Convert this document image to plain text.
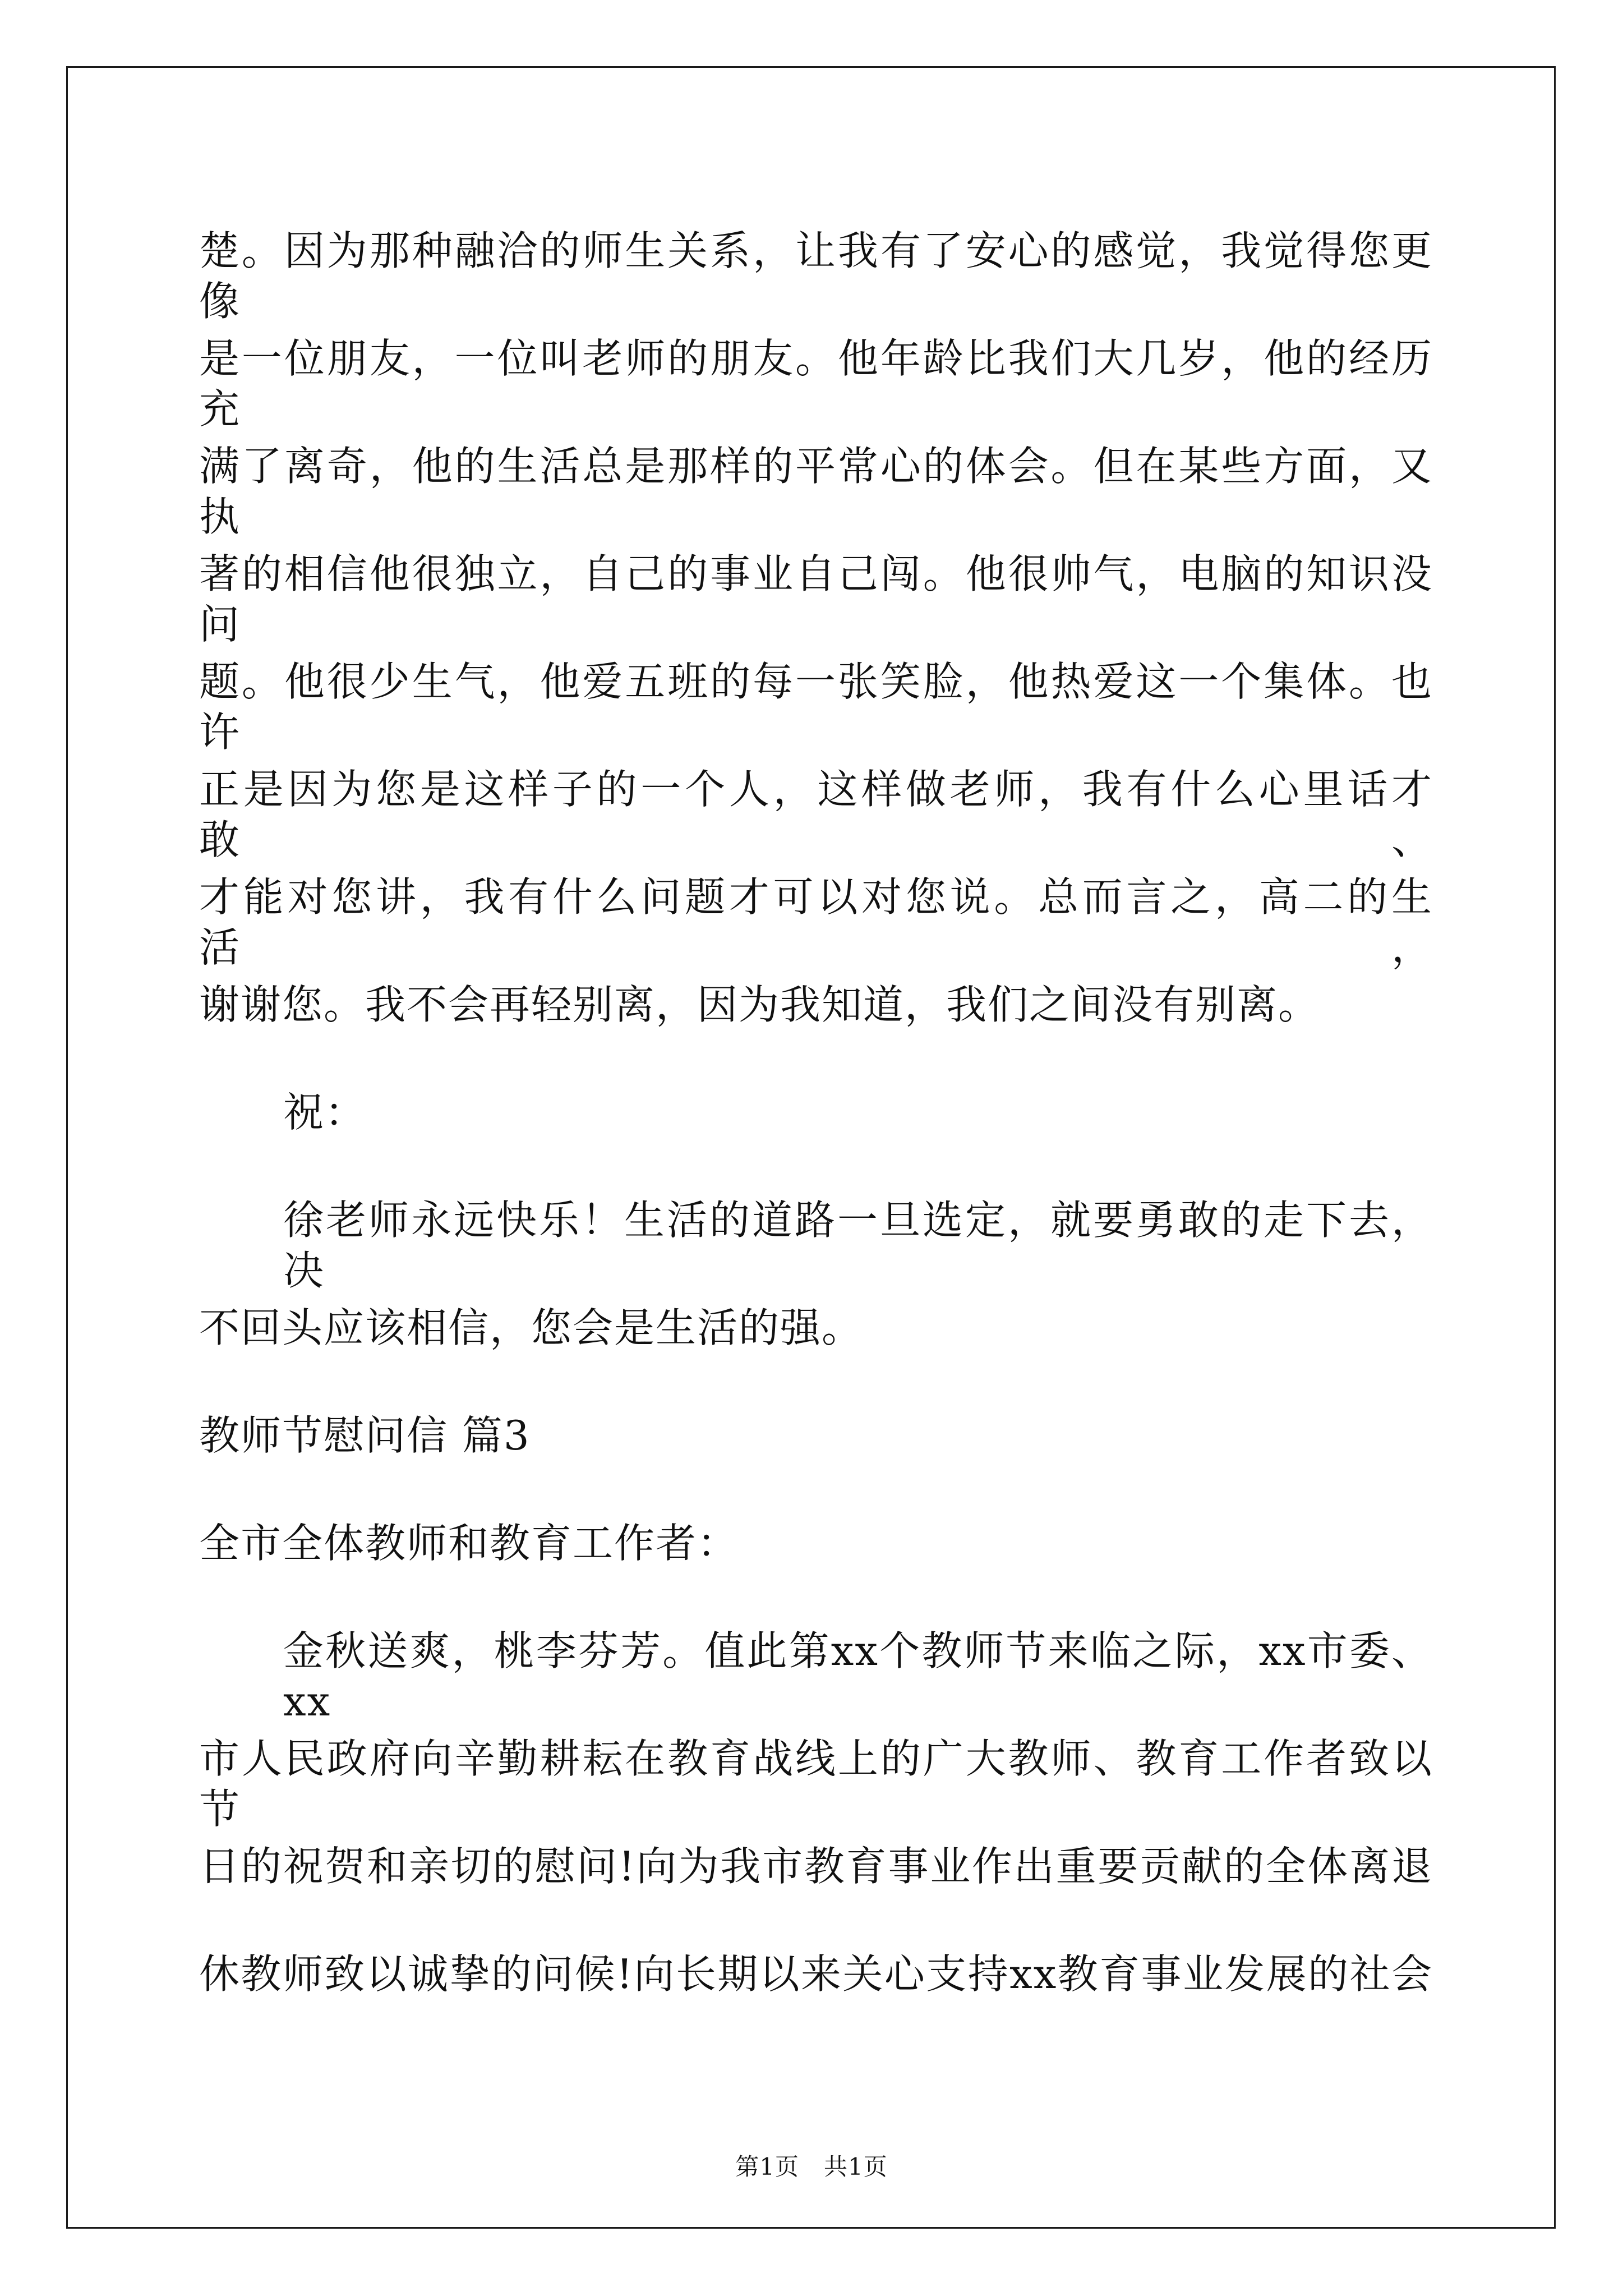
楚。因为那种融洽的师生关系，让我有了安心的感觉，我觉得您更像
是一位朋友，一位叫老师的朋友。他年龄比我们大几岁，他的经历充
满了离奇，他的生活总是那样的平常心的体会。但在某些方面，又执
著的相信他很独立，自己的事业自己闯。他很帅气，电脑的知识没问
题。他很少生气，他爱五班的每一张笑脸，他热爱这一个集体。也许
正是因为您是这样子的一个人，这样做老师，我有什么心里话才敢、
才能对您讲，我有什么问题才可以对您说。总而言之，高二的生活，
谢谢您。我不会再轻别离，因为我知道，我们之间没有别离。
祝：
徐老师永远快乐！生活的道路一旦选定，就要勇敢的走下去，决
不回头应该相信，您会是生活的强。
教师节慰问信 篇3
全市全体教师和教育工作者：
金秋送爽，桃李芬芳。值此第xx个教师节来临之际，xx市委、xx
市人民政府向辛勤耕耘在教育战线上的广大教师、教育工作者致以节
日的祝贺和亲切的慰问!向为我市教育事业作出重要贡献的全体离退
休教师致以诚挚的问候!向长期以来关心支持xx教育事业发展的社会
第1页 共1页
